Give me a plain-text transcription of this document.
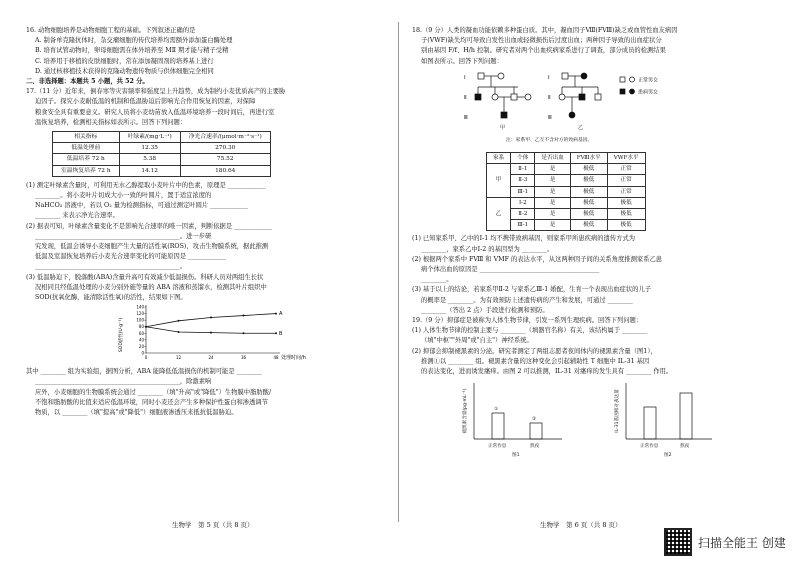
16. 动物细胞培养是动物细胞工程的基础。下列叙述正确的是
A. 制备单克隆抗体时，杂交瘤细胞的传代培养均需额外添加蛋白酶处理
B. 培育试管动物时，卵母细胞需在体外培养至 MⅡ 期才能与精子受精
C. 培养用于移植的皮肤细胞时，常在添加凝固剂的培养基上进行
D. 通过核移植技术获得的克隆动物遗传物质与供体细胞完全相同
二、非选择题：本题共 5 小题，共 52 分。
17.（11 分）近年来，倒春寒等灾害频率和强度呈上升趋势，成为制约小麦优质高产的主要胁
迫因子。探究小麦耐低温的机制和低温胁迫后影响光合作用恢复的因素，对保障
粮食安全具有重要意义。研究人员将小麦幼苗放入低温环境培养一段时间后，再进行室
温恢复培养，检测相关指标如表所示。回答下列问题：
相关指标	叶绿素/(mg·L⁻¹)	净光合速率/(μmol·m⁻²·s⁻¹)
低温处理前	12.35	270.30
低温培养 72 h	5.38	75.52
室温恢复培养 72 h	14.12	180.64
(1) 测定叶绿素含量时，可利用无水乙醇提取小麦叶片中的色素，原理是 ____________
________。将小麦叶片切成大小一致的叶圆片，置于适宜浓度的
NaHCO₃ 溶液中，若以 O₂ 量为检测指标，可通过测定叶圆片 ____________
________ 来表示净光合速率。
(2) 据表可知，叶绿素含量变化不是影响光合速率的唯一因素，判断依据是 ____________
______________________________________________。进一步研
究发现，低温会诱导小麦细胞产生大量的活性氧(ROS)，攻击生物膜系统，据此推测
低温及室温恢复培养后小麦光合速率变化的可能原因是 ____________
______________________________________________。
(3) 低温胁迫下，脱落酸(ABA)含量升高可有效减少低温损伤。科研人员对两组生长状
况相同且经低温处理的小麦分别外施等量的 ABA 溶液和蒸馏水，检测其叶片组织中
SOD(抗氧化酶，能清除活性氧)的活性，结果如下图。
SOD活性(U·g⁻¹)
处理时间/h
0
20
40
60
80
100
120
140
0	12	24	36	48
A
B
其中 ________ 组为实验组，据图分析，ABA 能降低低温损伤的机制可能是 ________
______________________________________________，除激素响
应外，小麦细胞的生物膜系统会通过 ________（填"升高"或"降低"）生物膜中脂肪酸/
不饱和脂肪酸的比值来适应低温环境，同时小麦还会产生多种保护性蛋白和渗透调节
物质，以 ________（填"提高"或"降低"）细胞液渗透压来抵抗低温胁迫。
生物学　第 5 页（共 8 页）
18.（9 分）人类的凝血功能依赖多种蛋白质。其中，凝血因子Ⅷ(FⅧ)缺乏或血管性血友病因
子(VWF)缺失均可导致自发性出血或轻微损伤后过度出血；两种因子导致的出血症状分
别由基因 F/f、H/h 控制。研究者对两个出血疾病家系进行了调查，部分成员的检测结果
如图表所示。回答下列问题：
Ⅰ
Ⅱ
Ⅲ
Ⅰ
Ⅱ
Ⅲ
正常男女
患病男女
甲	乙
注：家系甲、乙互不含对方的致病基因。
家系	个体	是否出血	FⅧ水平	VWF水平
甲	Ⅱ-1	是	极低	正常
	Ⅱ-3	是	极低	正常
	Ⅲ-1	是	极低	正常
乙	Ⅰ-2	是	极低	极低
	Ⅱ-2	是	极低	极低
	Ⅲ-1	是	极低	极低
(1) 已知家系甲、乙中的Ⅰ-1 均不携带致病基因，则家系甲所患疾病的遗传方式为
________，家系乙中Ⅰ-2 的基因型为 ________。
(2) 根据两个家系中 FⅧ 和 VMF 的表达水平，从这两种因子间的关系角度推测家系乙患
病个体出血的原因是 ______________________________________
________。
(3) 基于以上的结论，若家系甲Ⅱ-2 与家系乙Ⅲ-1 婚配，生育一个表现出血症状的儿子
的概率是 ________。为有效预防上述遗传病的产生和发展，可通过 ________
________（答出 2 点）手段进行检测和预防。
19.（9 分）抑郁症是被称为人体生物节律，引发一系列生理疾病。回答下列问题：
(1) 人体生物节律的控制主要与 ________（填器官名称）有关，该结构属于 ________
（填"中枢""外周"或"自主"）神经系统。
(2) 抑郁会抑制褪黑素的分泌。研究者测定了两组志愿者夜间体内的褪黑素含量（图1），
推测①以 ________ 组。褪黑素含量的这种变化会引起辅助性 T 细胞中 IL-31 基因
的表达变化，进而诱发瘙痒。由图 2 可以推测，IL-31 对瘙痒的发生具有 ________ 作用。
褪黑素含量(pg·mL⁻¹)	①
②
正常作息	熬夜
图1
IL-31基因相对表达量
正常作息	熬夜
图2
生物学　第 6 页（共 8 页）
扫描全能王 创建
